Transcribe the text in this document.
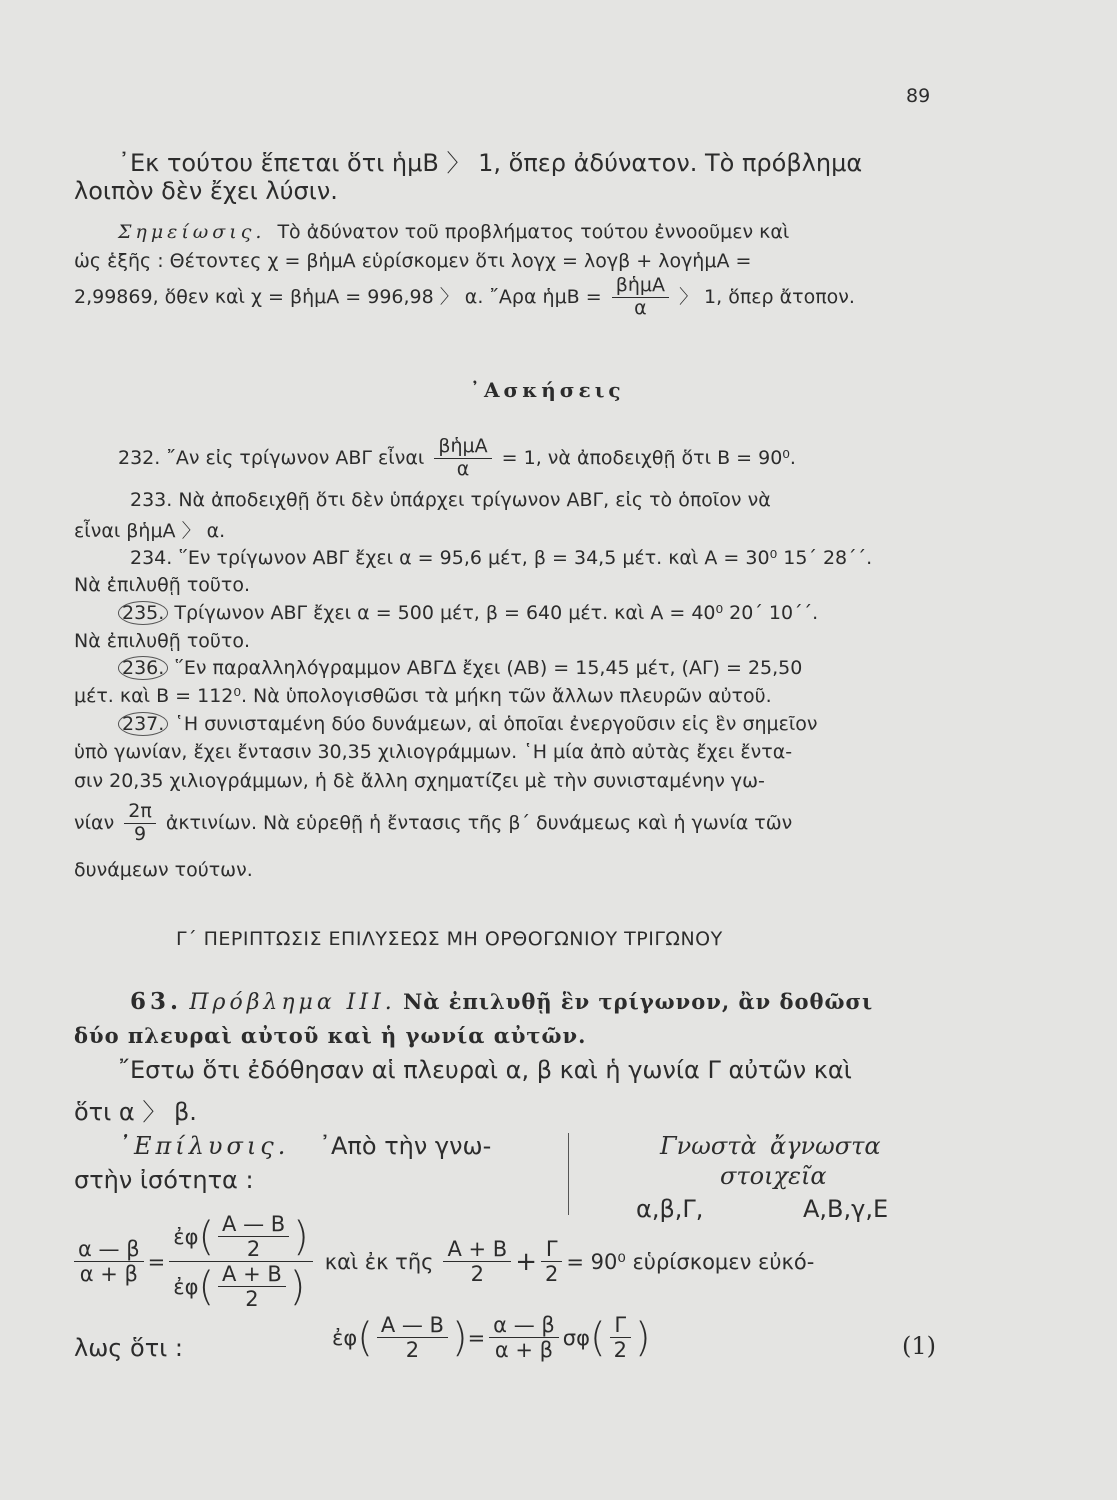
89
᾿Εκ τούτου ἕπεται ὅτι ἡμΒ 〉 1, ὅπερ ἀδύνατον. Τὸ πρόβλημα
λοιπὸν δὲν ἔχει λύσιν.
Σημείωσις. Τὸ ἀδύνατον τοῦ προβλήματος τούτου ἐννοοῦμεν καὶ
ὡς ἑξῆς : Θέτοντες χ = βἡμΑ εὑρίσκομεν ὅτι λογχ = λογβ + λογἡμΑ =
2,99869, ὅθεν καὶ χ = βἡμΑ = 996,98 〉 α. ῎Αρα ἡμΒ = $\frac{\text{βἡμΑ}}{\alpha}$ 〉 1, ὅπερ ἄτοπον.
᾿Ασκήσεις
232. ῎Αν εἰς τρίγωνον ΑΒΓ εἶναι $\frac{\text{βἡμΑ}}{\alpha} = 1$, νὰ ἀποδειχθῇ ὅτι Β = 90⁰.
233. Νὰ ἀποδειχθῇ ὅτι δὲν ὑπάρχει τρίγωνον ΑΒΓ, εἰς τὸ ὁποῖον νὰ
εἶναι βἡμΑ 〉 α.
234. ῞Εν τρίγωνον ΑΒΓ ἔχει α = 95,6 μέτ, β = 34,5 μέτ. καὶ Α = 30⁰ 15΄ 28΄΄.
Νὰ ἐπιλυθῇ τοῦτο.
235. Τρίγωνον ΑΒΓ ἔχει α = 500 μέτ, β = 640 μέτ. καὶ Α = 40⁰ 20΄ 10΄΄.
Νὰ ἐπιλυθῇ τοῦτο.
236. ῞Εν παραλληλόγραμμον ΑΒΓΔ ἔχει (ΑΒ) = 15,45 μέτ, (ΑΓ) = 25,50
μέτ. καὶ Β = 112⁰. Νὰ ὑπολογισθῶσι τὰ μήκη τῶν ἄλλων πλευρῶν αὐτοῦ.
237. ῾Η συνισταμένη δύο δυνάμεων, αἱ ὁποῖαι ἐνεργοῦσιν εἰς ἓν σημεῖον
ὑπὸ γωνίαν, ἔχει ἔντασιν 30,35 χιλιογράμμων. ῾Η μία ἀπὸ αὐτὰς ἔχει ἔντα-
σιν 20,35 χιλιογράμμων, ἡ δὲ ἄλλη σχηματίζει μὲ τὴν συνισταμένην γω-
νίαν $\frac{2\pi}{9}$ ἀκτινίων. Νὰ εὑρεθῇ ἡ ἔντασις τῆς β΄ δυνάμεως καὶ ἡ γωνία τῶν
δυνάμεων τούτων.
Γ΄ ΠΕΡΙΠΤΩΣΙΣ ΕΠΙΛΥΣΕΩΣ ΜΗ ΟΡΘΟΓΩΝΙΟΥ ΤΡΙΓΩΝΟΥ
63. Πρόβλημα ΙΙΙ. Νὰ ἐπιλυθῇ ἓν τρίγωνον, ἂν δοθῶσι
δύο πλευραὶ αὐτοῦ καὶ ἡ γωνία αὐτῶν.
῎Εστω ὅτι ἐδόθησαν αἱ πλευραὶ α, β καὶ ἡ γωνία Γ αὐτῶν καὶ
ὅτι α 〉 β.
᾿Επίλυσις. ᾿Απὸ τὴν γνω-
στὴν ἰσότητα :
Γνωστὰ ἄγνωστα
στοιχεῖα
α,β,Γ,	Α,Β,γ,Ε
$\frac{\alpha — \beta}{\alpha + \beta} = \frac{ἐ\varphi ( \frac{A — B}{2} )}{ἐ\varphi ( \frac{A + B}{2} )}$ καὶ ἐκ τῆς $\frac{A + B}{2} + \frac{\Gamma}{2} = 90^0$ εὑρίσκομεν εὐκό-
λως ὅτι :	ἐφ ( $\frac{A — B}{2}$ ) = $\frac{\alpha — \beta}{\alpha + \beta}$ σφ ( $\frac{\Gamma}{2}$ )	(1)
